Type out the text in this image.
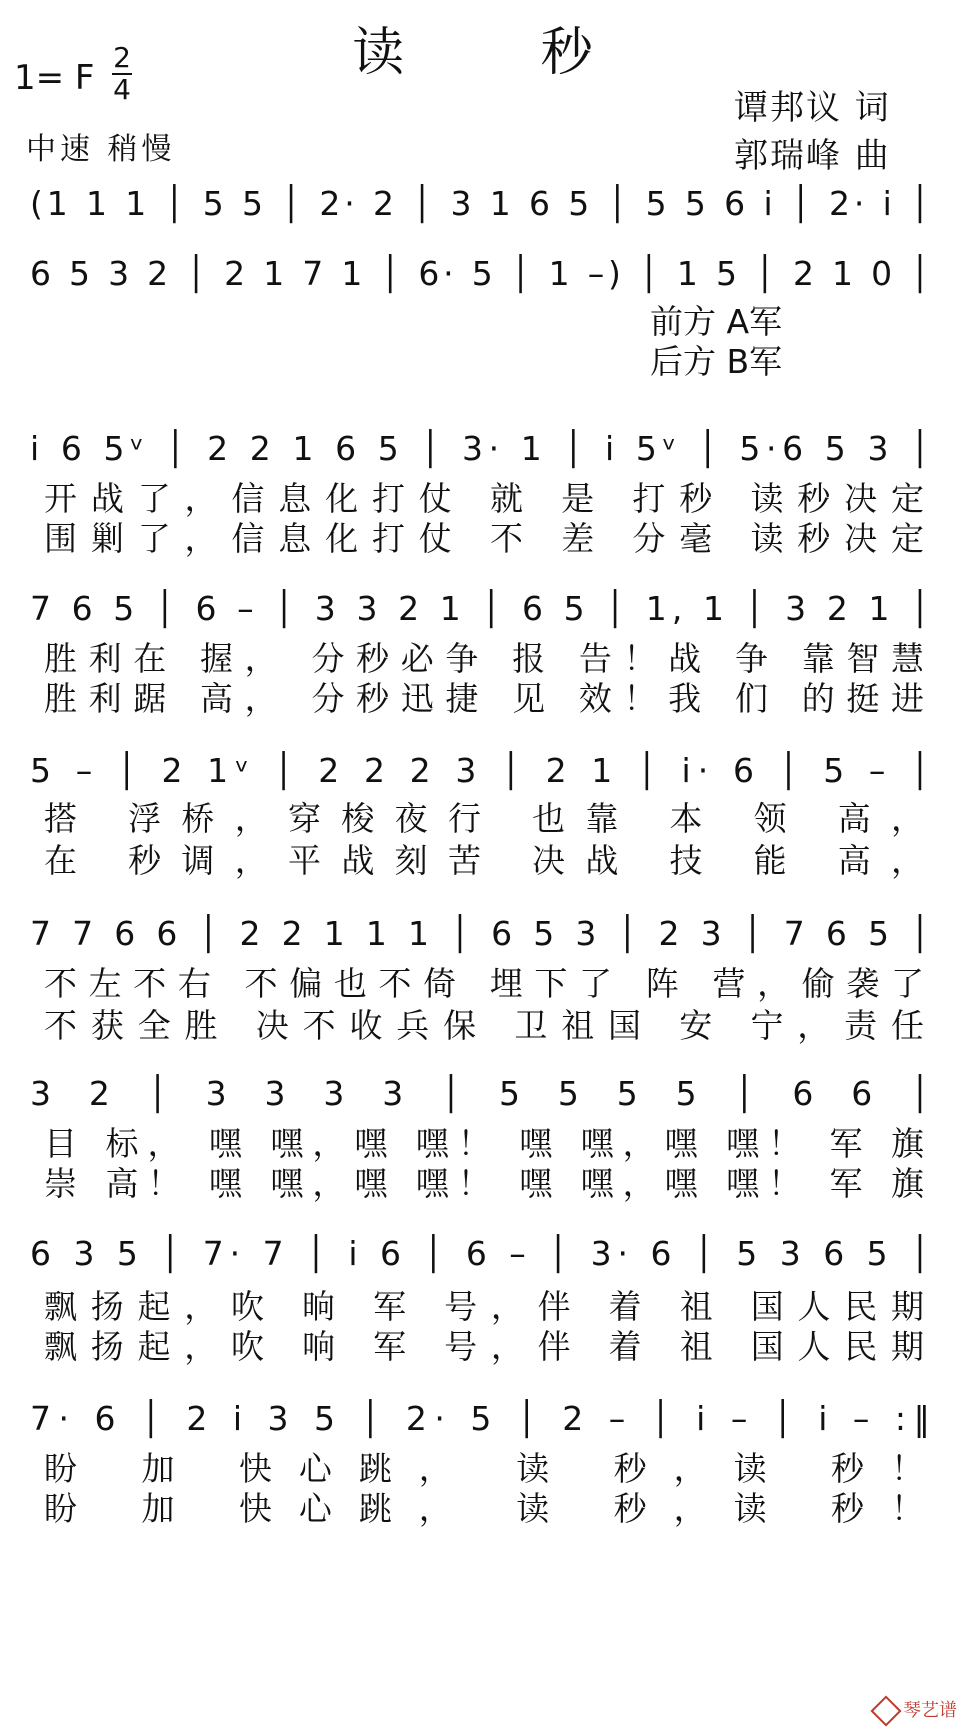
读 秒
1= F
2
4
中速 稍慢
谭邦议 词
郭瑞峰 曲
(1 1 1 │ 5 5 │ 2· 2 │ 3 1 6 5 │ 5 5 6 i │ 2· i │
6 5 3 2 │ 2 1 7 1 │ 6· 5 │ 1 –) │ 1 5 │ 2 1 0 │
前方 A军
后方 B军
i 6 5ᵛ │ 2 2 1 6 5 │ 3· 1 │ i 5ᵛ │ 5·6 5 3 │
开战了，信息化打仗 就 是 打秒 读秒决定
围剿了，信息化打仗 不 差 分毫 读秒决定
7 6 5 │ 6 – │ 3 3 2 1 │ 6 5 │ 1, 1 │ 3 2 1 │
胜利在 握， 分秒必争 报 告！战 争 靠智慧
胜利踞 高， 分秒迅捷 见 效！我 们 的挺进
5 – │ 2 1ᵛ │ 2 2 2 3 │ 2 1 │ i· 6 │ 5 – │
搭 浮桥，穿梭夜行 也靠 本 领 高，
在 秒调，平战刻苦 决战 技 能 高，
7 7 6 6 │ 2 2 1 1 1 │ 6 5 3 │ 2 3 │ 7 6 5 │
不左不右 不偏也不倚 埋下了 阵 营，偷袭了
不获全胜 决不收兵保 卫祖国 安 宁，责任
3 2 │ 3 3 3 3 │ 5 5 5 5 │ 6 6 │
目 标， 嘿 嘿，嘿 嘿！ 嘿 嘿，嘿 嘿！ 军 旗
崇 高！ 嘿 嘿，嘿 嘿！ 嘿 嘿，嘿 嘿！ 军 旗
6 3 5 │ 7· 7 │ i 6 │ 6 – │ 3· 6 │ 5 3 6 5 │
飘扬起，吹 晌 军 号，伴 着 祖 国人民期
飘扬起，吹 响 军 号，伴 着 祖 国人民期
7· 6 │ 2 i 3 5 │ 2· 5 │ 2 – │ i – │ i – :‖
盼 加 快心跳， 读 秒，读 秒！
盼 加 快心跳， 读 秒，读 秒！
琴艺谱
